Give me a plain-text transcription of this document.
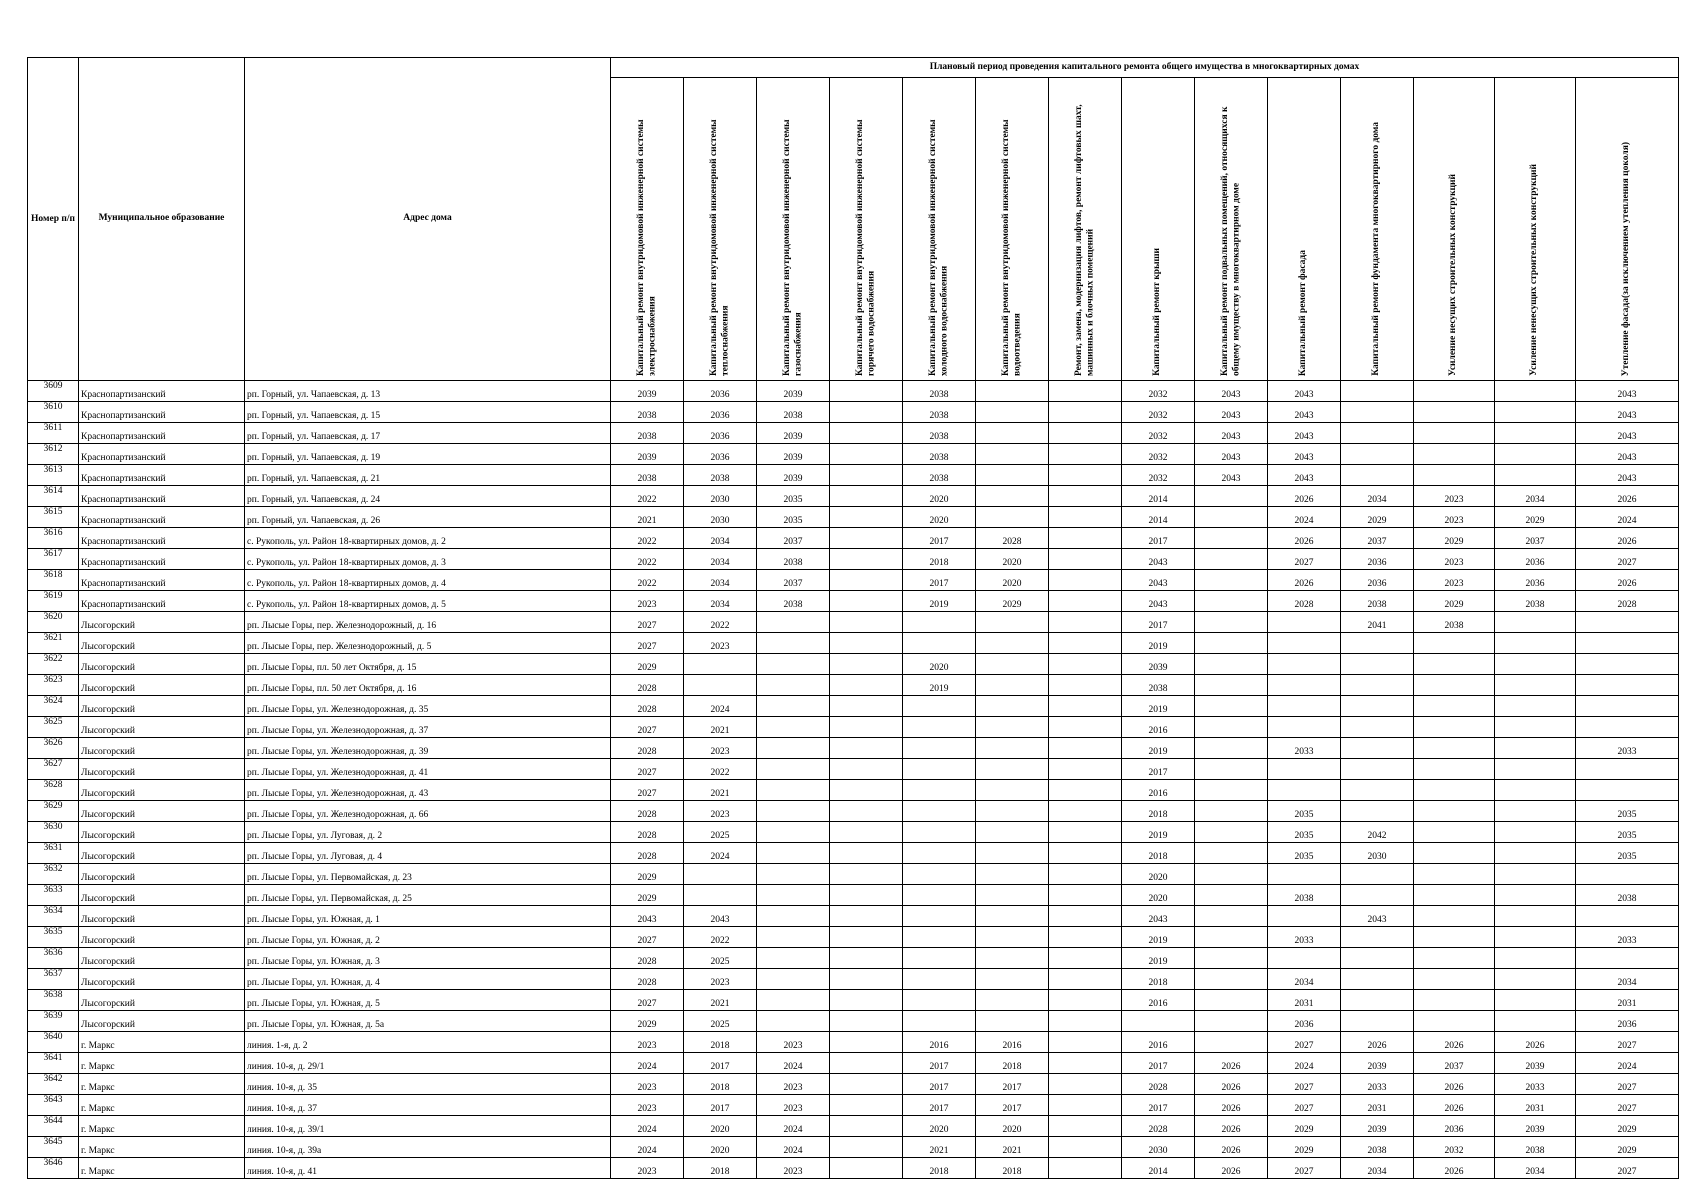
Номер п/п	Муниципальное образование	Адрес дома	Плановый период проведения капитального ремонта общего имущества в многоквартирных домах													

			Капитальный ремонт внутридомовой инженерной системы электроснабжения	Капитальный ремонт внутридомовой инженерной системы теплоснабжения	Капитальный ремонт внутридомовой инженерной системы газоснабжения	Капитальный ремонт внутридомовой инженерной системы горячего водоснабжения	Капитальный ремонт внутридомовой инженерной системы холодного водоснабжения	Капитальный ремонт внутридомовой инженерной системы водоотведения	Ремонт, замена, модернизация лифтов, ремонт лифтовых шахт, машинных и блочных помещений	Капитальный ремонт крыши	Капитальный ремонт подвальных помещений, относящихся к общему имуществу в многоквартирном доме	Капитальный ремонт фасада	Капитальный ремонт фундамента многоквартирного дома	Усиление несущих строительных конструкций	Усиление ненесущих строительных конструкций	Утепление фасада(за исключением утепления цоколя)

3609	Краснопартизанский	рп. Горный, ул. Чапаевская, д. 13	2039	2036	2039		2038			2032	2043	2043				2043
3610	Краснопартизанский	рп. Горный, ул. Чапаевская, д. 15	2038	2036	2038		2038			2032	2043	2043				2043
3611	Краснопартизанский	рп. Горный, ул. Чапаевская, д. 17	2038	2036	2039		2038			2032	2043	2043				2043
3612	Краснопартизанский	рп. Горный, ул. Чапаевская, д. 19	2039	2036	2039		2038			2032	2043	2043				2043
3613	Краснопартизанский	рп. Горный, ул. Чапаевская, д. 21	2038	2038	2039		2038			2032	2043	2043				2043
3614	Краснопартизанский	рп. Горный, ул. Чапаевская, д. 24	2022	2030	2035		2020			2014		2026	2034	2023	2034	2026
3615	Краснопартизанский	рп. Горный, ул. Чапаевская, д. 26	2021	2030	2035		2020			2014		2024	2029	2023	2029	2024
3616	Краснопартизанский	с. Рукополь, ул. Район 18-квартирных домов, д. 2	2022	2034	2037		2017	2028		2017		2026	2037	2029	2037	2026
3617	Краснопартизанский	с. Рукополь, ул. Район 18-квартирных домов, д. 3	2022	2034	2038		2018	2020		2043		2027	2036	2023	2036	2027
3618	Краснопартизанский	с. Рукополь, ул. Район 18-квартирных домов, д. 4	2022	2034	2037		2017	2020		2043		2026	2036	2023	2036	2026
3619	Краснопартизанский	с. Рукополь, ул. Район 18-квартирных домов, д. 5	2023	2034	2038		2019	2029		2043		2028	2038	2029	2038	2028
3620	Лысогорский	рп. Лысые Горы, пер. Железнодорожный, д. 16	2027	2022						2017			2041	2038		
3621	Лысогорский	рп. Лысые Горы, пер. Железнодорожный, д. 5	2027	2023						2019						
3622	Лысогорский	рп. Лысые Горы, пл. 50 лет Октября, д. 15	2029				2020			2039						
3623	Лысогорский	рп. Лысые Горы, пл. 50 лет Октября, д. 16	2028				2019			2038						
3624	Лысогорский	рп. Лысые Горы, ул. Железнодорожная, д. 35	2028	2024						2019						
3625	Лысогорский	рп. Лысые Горы, ул. Железнодорожная, д. 37	2027	2021						2016						
3626	Лысогорский	рп. Лысые Горы, ул. Железнодорожная, д. 39	2028	2023						2019		2033				2033
3627	Лысогорский	рп. Лысые Горы, ул. Железнодорожная, д. 41	2027	2022						2017						
3628	Лысогорский	рп. Лысые Горы, ул. Железнодорожная, д. 43	2027	2021						2016						
3629	Лысогорский	рп. Лысые Горы, ул. Железнодорожная, д. 66	2028	2023						2018		2035				2035
3630	Лысогорский	рп. Лысые Горы, ул. Луговая, д. 2	2028	2025						2019		2035	2042			2035
3631	Лысогорский	рп. Лысые Горы, ул. Луговая, д. 4	2028	2024						2018		2035	2030			2035
3632	Лысогорский	рп. Лысые Горы, ул. Первомайская, д. 23	2029							2020						
3633	Лысогорский	рп. Лысые Горы, ул. Первомайская, д. 25	2029							2020		2038				2038
3634	Лысогорский	рп. Лысые Горы, ул. Южная, д. 1	2043	2043						2043			2043			
3635	Лысогорский	рп. Лысые Горы, ул. Южная, д. 2	2027	2022						2019		2033				2033
3636	Лысогорский	рп. Лысые Горы, ул. Южная, д. 3	2028	2025						2019						
3637	Лысогорский	рп. Лысые Горы, ул. Южная, д. 4	2028	2023						2018		2034				2034
3638	Лысогорский	рп. Лысые Горы, ул. Южная, д. 5	2027	2021						2016		2031				2031
3639	Лысогорский	рп. Лысые Горы, ул. Южная, д. 5а	2029	2025								2036				2036
3640	г. Маркс	линия. 1-я, д. 2	2023	2018	2023		2016	2016		2016		2027	2026	2026	2026	2027
3641	г. Маркс	линия. 10-я, д. 29/1	2024	2017	2024		2017	2018		2017	2026	2024	2039	2037	2039	2024
3642	г. Маркс	линия. 10-я, д. 35	2023	2018	2023		2017	2017		2028	2026	2027	2033	2026	2033	2027
3643	г. Маркс	линия. 10-я, д. 37	2023	2017	2023		2017	2017		2017	2026	2027	2031	2026	2031	2027
3644	г. Маркс	линия. 10-я, д. 39/1	2024	2020	2024		2020	2020		2028	2026	2029	2039	2036	2039	2029
3645	г. Маркс	линия. 10-я, д. 39а	2024	2020	2024		2021	2021		2030	2026	2029	2038	2032	2038	2029
3646	г. Маркс	линия. 10-я, д. 41	2023	2018	2023		2018	2018		2014	2026	2027	2034	2026	2034	2027
